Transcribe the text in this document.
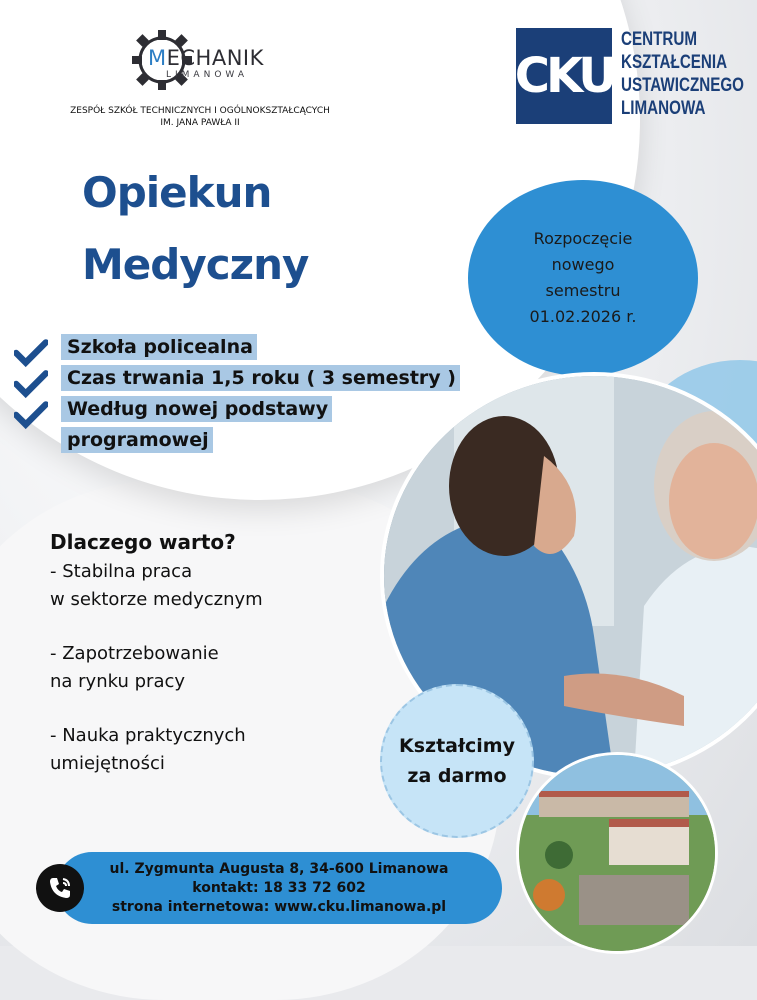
MECHANIK
LIMANOWA
ZESPÓŁ SZKÓŁ TECHNICZNYCH I OGÓLNOKSZTAŁCĄCYCH
IM. JANA PAWŁA II
CKU
CENTRUM
KSZTAŁCENIA
USTAWICZNEGO
LIMANOWA
Opiekun
Medyczny
Rozpoczęcie
nowego
semestru
01.02.2026 r.
Szkoła policealna
Czas trwania 1,5 roku ( 3 semestry )
Według nowej podstawy
programowej
Dlaczego warto?
- Stabilna praca
w sektorze medycznym
- Zapotrzebowanie
na rynku pracy
- Nauka praktycznych
umiejętności
Kształcimy
za darmo
ul. Zygmunta Augusta 8, 34-600 Limanowa
kontakt: 18 33 72 602
strona internetowa: www.cku.limanowa.pl
